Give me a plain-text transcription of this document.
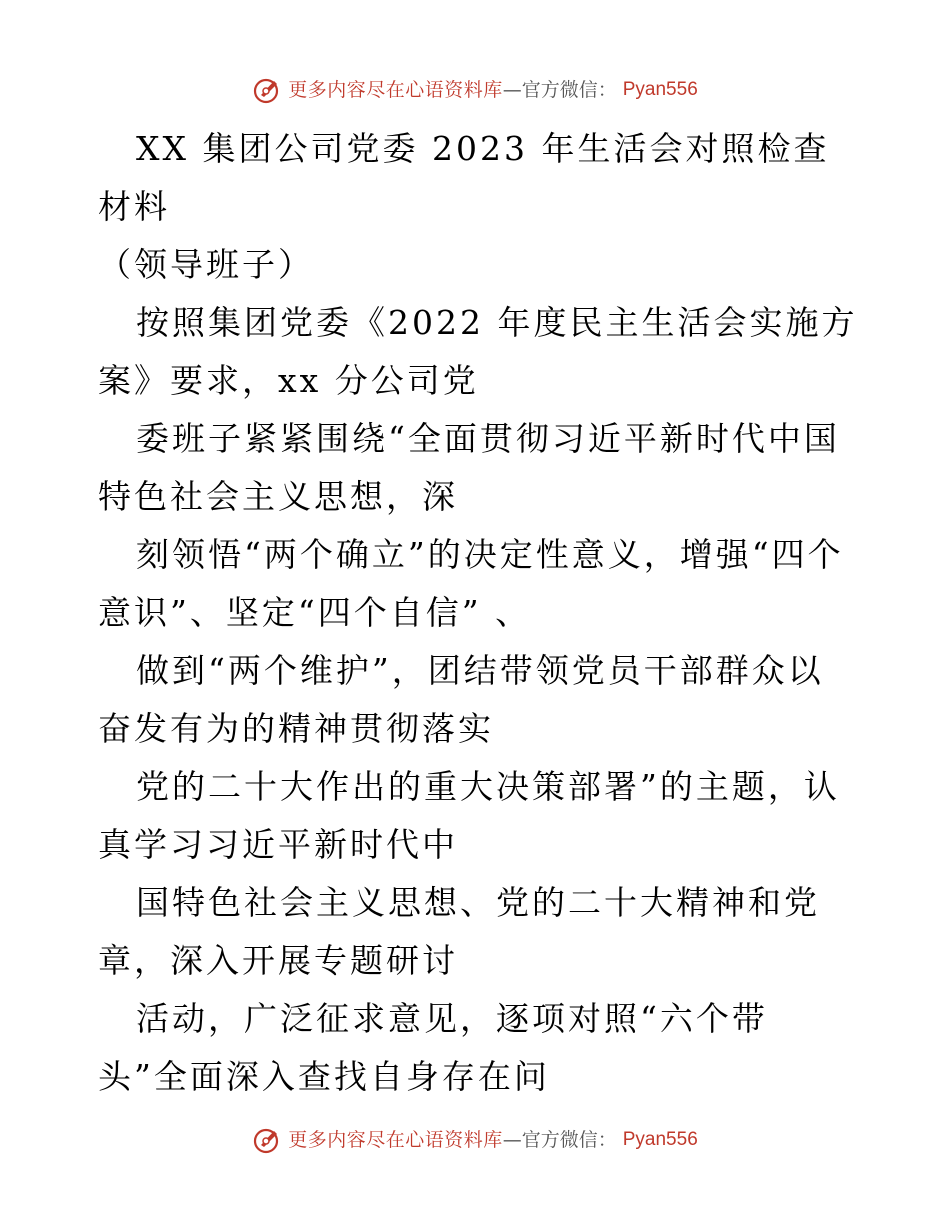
更多内容尽在心语资料库 — 官方微信： Pyan556

XX 集团公司党委 2023 年生活会对照检查材料

（领导班子）

按照集团党委《2022 年度民主生活会实施方案》要求，xx 分公司党

委班子紧紧围绕“全面贯彻习近平新时代中国特色社会主义思想，深

刻领悟“两个确立”的决定性意义，增强“四个意识”、坚定“四个自信” 、

做到“两个维护”，团结带领党员干部群众以奋发有为的精神贯彻落实

党的二十大作出的重大决策部署”的主题，认真学习习近平新时代中

国特色社会主义思想、党的二十大精神和党章，深入开展专题研讨

活动，广泛征求意见，逐项对照“六个带头”全面深入查找自身存在问

更多内容尽在心语资料库 — 官方微信： Pyan556
